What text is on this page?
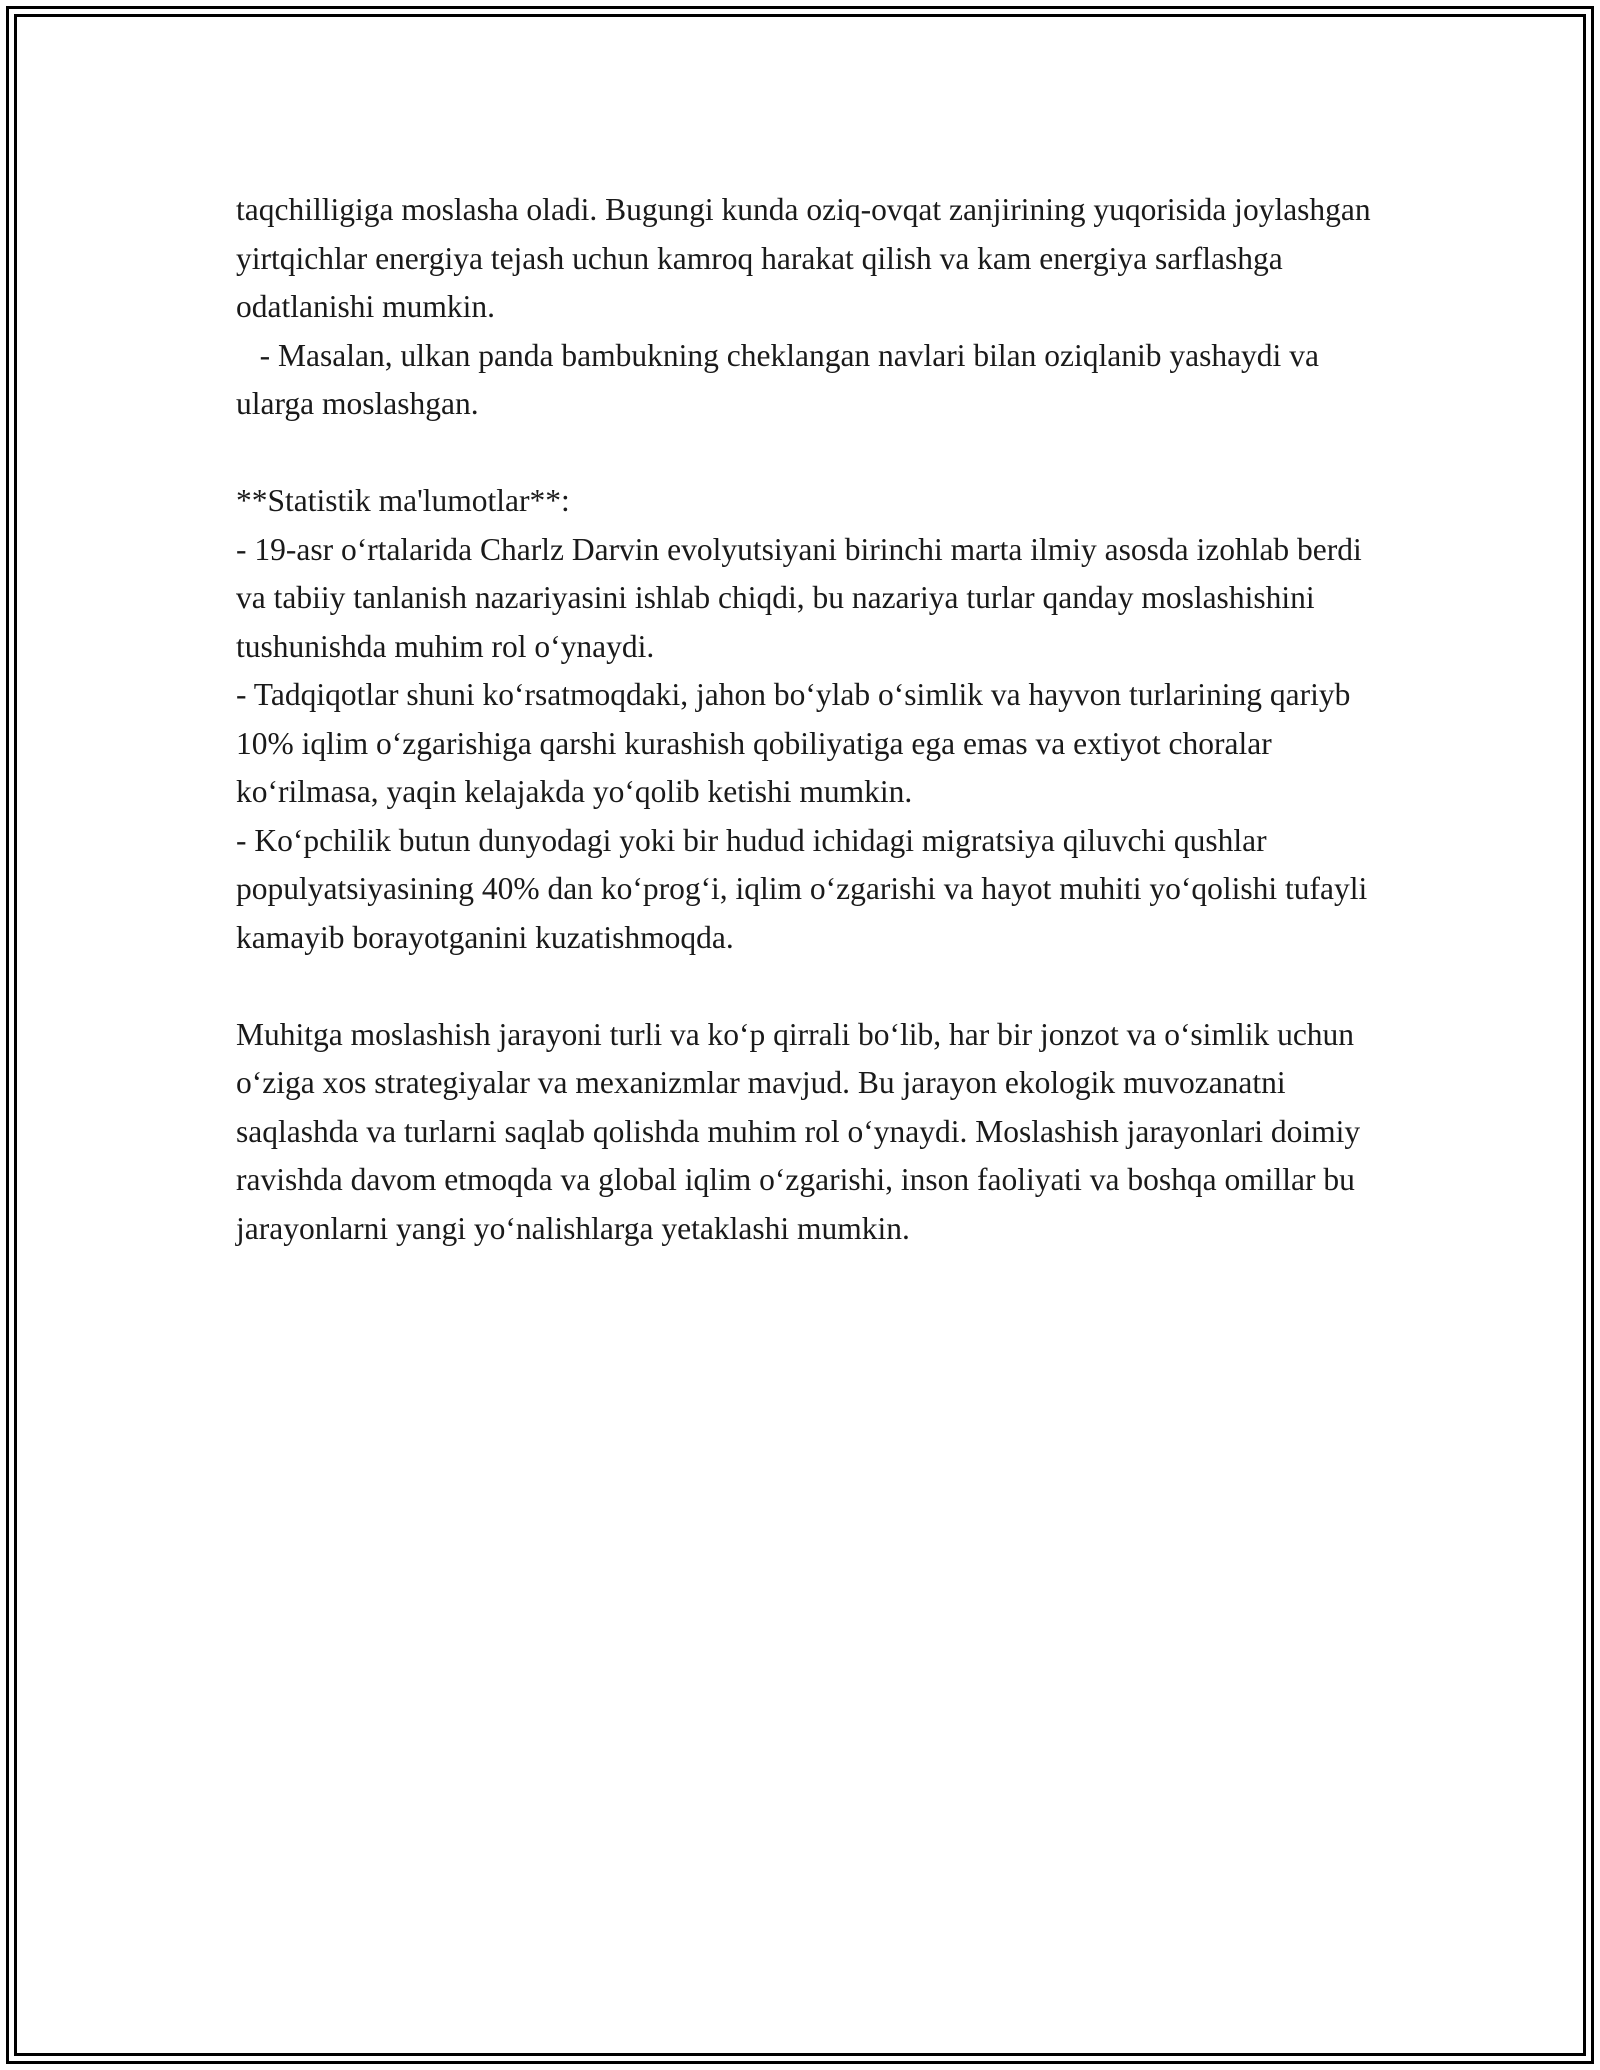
taqchilligiga moslasha oladi. Bugungi kunda oziq-ovqat zanjirining yuqorisida joylashgan yirtqichlar energiya tejash uchun kamroq harakat qilish va kam energiya sarflashga odatlanishi mumkin.

- Masalan, ulkan panda bambukning cheklangan navlari bilan oziqlanib yashaydi va ularga moslashgan.

**Statistik ma'lumotlar**:

- 19-asr o‘rtalarida Charlz Darvin evolyutsiyani birinchi marta ilmiy asosda izohlab berdi va tabiiy tanlanish nazariyasini ishlab chiqdi, bu nazariya turlar qanday moslashishini tushunishda muhim rol o‘ynaydi.

- Tadqiqotlar shuni ko‘rsatmoqdaki, jahon bo‘ylab o‘simlik va hayvon turlarining qariyb 10% iqlim o‘zgarishiga qarshi kurashish qobiliyatiga ega emas va extiyot choralar ko‘rilmasa, yaqin kelajakda yo‘qolib ketishi mumkin.

- Ko‘pchilik butun dunyodagi yoki bir hudud ichidagi migratsiya qiluvchi qushlar populyatsiyasining 40% dan ko‘prog‘i, iqlim o‘zgarishi va hayot muhiti yo‘qolishi tufayli kamayib borayotganini kuzatishmoqda.

Muhitga moslashish jarayoni turli va ko‘p qirrali bo‘lib, har bir jonzot va o‘simlik uchun o‘ziga xos strategiyalar va mexanizmlar mavjud. Bu jarayon ekologik muvozanatni saqlashda va turlarni saqlab qolishda muhim rol o‘ynaydi. Moslashish jarayonlari doimiy ravishda davom etmoqda va global iqlim o‘zgarishi, inson faoliyati va boshqa omillar bu jarayonlarni yangi yo‘nalishlarga yetaklashi mumkin.
